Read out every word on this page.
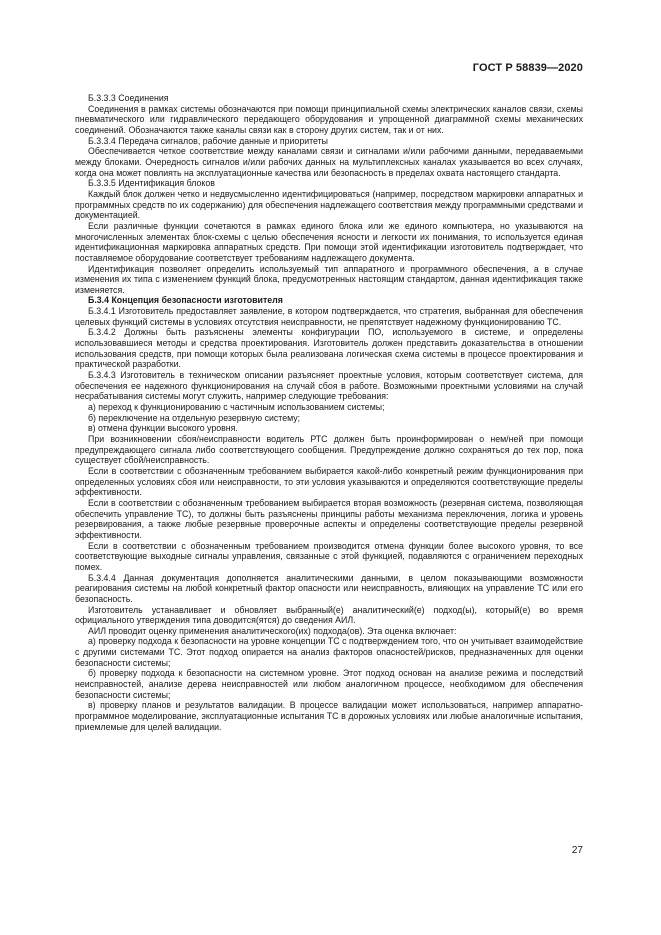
ГОСТ Р 58839—2020

Б.3.3.3 Соединения

Соединения в рамках системы обозначаются при помощи принципиальной схемы электрических каналов связи, схемы пневматического или гидравлического передающего оборудования и упрощенной диаграммной схемы механических соединений. Обозначаются также каналы связи как в сторону других систем, так и от них.

Б.3.3.4 Передача сигналов, рабочие данные и приоритеты

Обеспечивается четкое соответствие между каналами связи и сигналами и/или рабочими данными, передаваемыми между блоками. Очередность сигналов и/или рабочих данных на мультиплексных каналах указывается во всех случаях, когда она может повлиять на эксплуатационные качества или безопасность в пределах охвата настоящего стандарта.

Б.3.3.5 Идентификация блоков

Каждый блок должен четко и недвусмысленно идентифицироваться (например, посредством маркировки аппаратных и программных средств по их содержанию) для обеспечения надлежащего соответствия между программными средствами и документацией.

Если различные функции сочетаются в рамках единого блока или же единого компьютера, но указываются на многочисленных элементах блок-схемы с целью обеспечения ясности и легкости их понимания, то используется единая идентификационная маркировка аппаратных средств. При помощи этой идентификации изготовитель подтверждает, что поставляемое оборудование соответствует требованиям надлежащего документа.

Идентификация позволяет определить используемый тип аппаратного и программного обеспечения, а в случае изменения их типа с изменением функций блока, предусмотренных настоящим стандартом, данная идентификация также изменяется.

Б.3.4 Концепция безопасности изготовителя

Б.3.4.1 Изготовитель предоставляет заявление, в котором подтверждается, что стратегия, выбранная для обеспечения целевых функций системы в условиях отсутствия неисправности, не препятствует надежному функционированию ТС.

Б.3.4.2 Должны быть разъяснены элементы конфигурации ПО, используемого в системе, и определены использовавшиеся методы и средства проектирования. Изготовитель должен представить доказательства в отношении использования средств, при помощи которых была реализована логическая схема системы в процессе проектирования и практической разработки.

Б.3.4.3 Изготовитель в техническом описании разъясняет проектные условия, которым соответствует система, для обеспечения ее надежного функционирования на случай сбоя в работе. Возможными проектными условиями на случай несрабатывания системы могут служить, например следующие требования:

а) переход к функционированию с частичным использованием системы;

б) переключение на отдельную резервную систему;

в) отмена функции высокого уровня.

При возникновении сбоя/неисправности водитель РТС должен быть проинформирован о нем/ней при помощи предупреждающего сигнала либо соответствующего сообщения. Предупреждение должно сохраняться до тех пор, пока существует сбой/неисправность.

Если в соответствии с обозначенным требованием выбирается какой-либо конкретный режим функционирования при определенных условиях сбоя или неисправности, то эти условия указываются и определяются соответствующие пределы эффективности.

Если в соответствии с обозначенным требованием выбирается вторая возможность (резервная система, позволяющая обеспечить управление ТС), то должны быть разъяснены принципы работы механизма переключения, логика и уровень резервирования, а также любые резервные проверочные аспекты и определены соответствующие пределы резервной эффективности.

Если в соответствии с обозначенным требованием производится отмена функции более высокого уровня, то все соответствующие выходные сигналы управления, связанные с этой функцией, подавляются с ограничением переходных помех.

Б.3.4.4 Данная документация дополняется аналитическими данными, в целом показывающими возможности реагирования системы на любой конкретный фактор опасности или неисправность, влияющих на управление ТС или его безопасность.

Изготовитель устанавливает и обновляет выбранный(е) аналитический(е) подход(ы), который(е) во время официального утверждения типа доводится(ятся) до сведения АИЛ.

АИЛ проводит оценку применения аналитического(их) подхода(ов). Эта оценка включает:

а) проверку подхода к безопасности на уровне концепции ТС с подтверждением того, что он учитывает взаимодействие с другими системами ТС. Этот подход опирается на анализ факторов опасностей/рисков, предназначенных для оценки безопасности системы;

б) проверку подхода к безопасности на системном уровне. Этот подход основан на анализе режима и последствий неисправностей, анализе дерева неисправностей или любом аналогичном процессе, необходимом для обеспечения безопасности системы;

в) проверку планов и результатов валидации. В процессе валидации может использоваться, например аппаратно-программное моделирование, эксплуатационные испытания ТС в дорожных условиях или любые аналогичные испытания, приемлемые для целей валидации.

27
